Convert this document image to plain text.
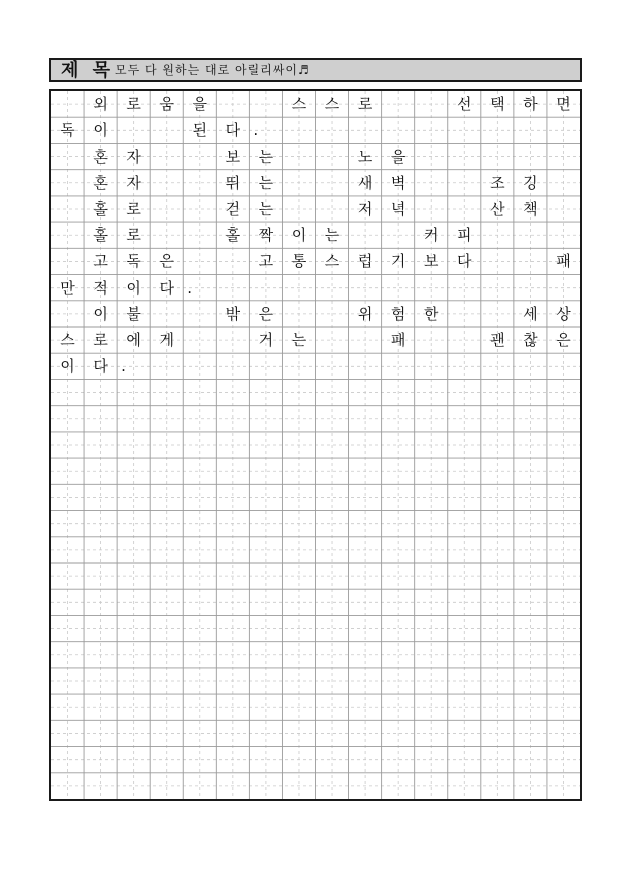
제 목 모두 다 원하는 대로 아릴리싸이♬
외	로	움	을	스	스	로	선	택	하	면
독	이	된	다 .
혼	자	보	는	노	을
혼	자	뛰	는	새	벽	조	깅
홀	로	걷	는	저	녁	산	책
홀	로	홀	짝	이	는	커	피
고	독	은	고	통	스	럽	기	보	다	패
만	적	이	다 .
이	불	밖	은	위	험	한	세	상
스	로	에	게	거	는	패	괜	찮	은
이	다 .
